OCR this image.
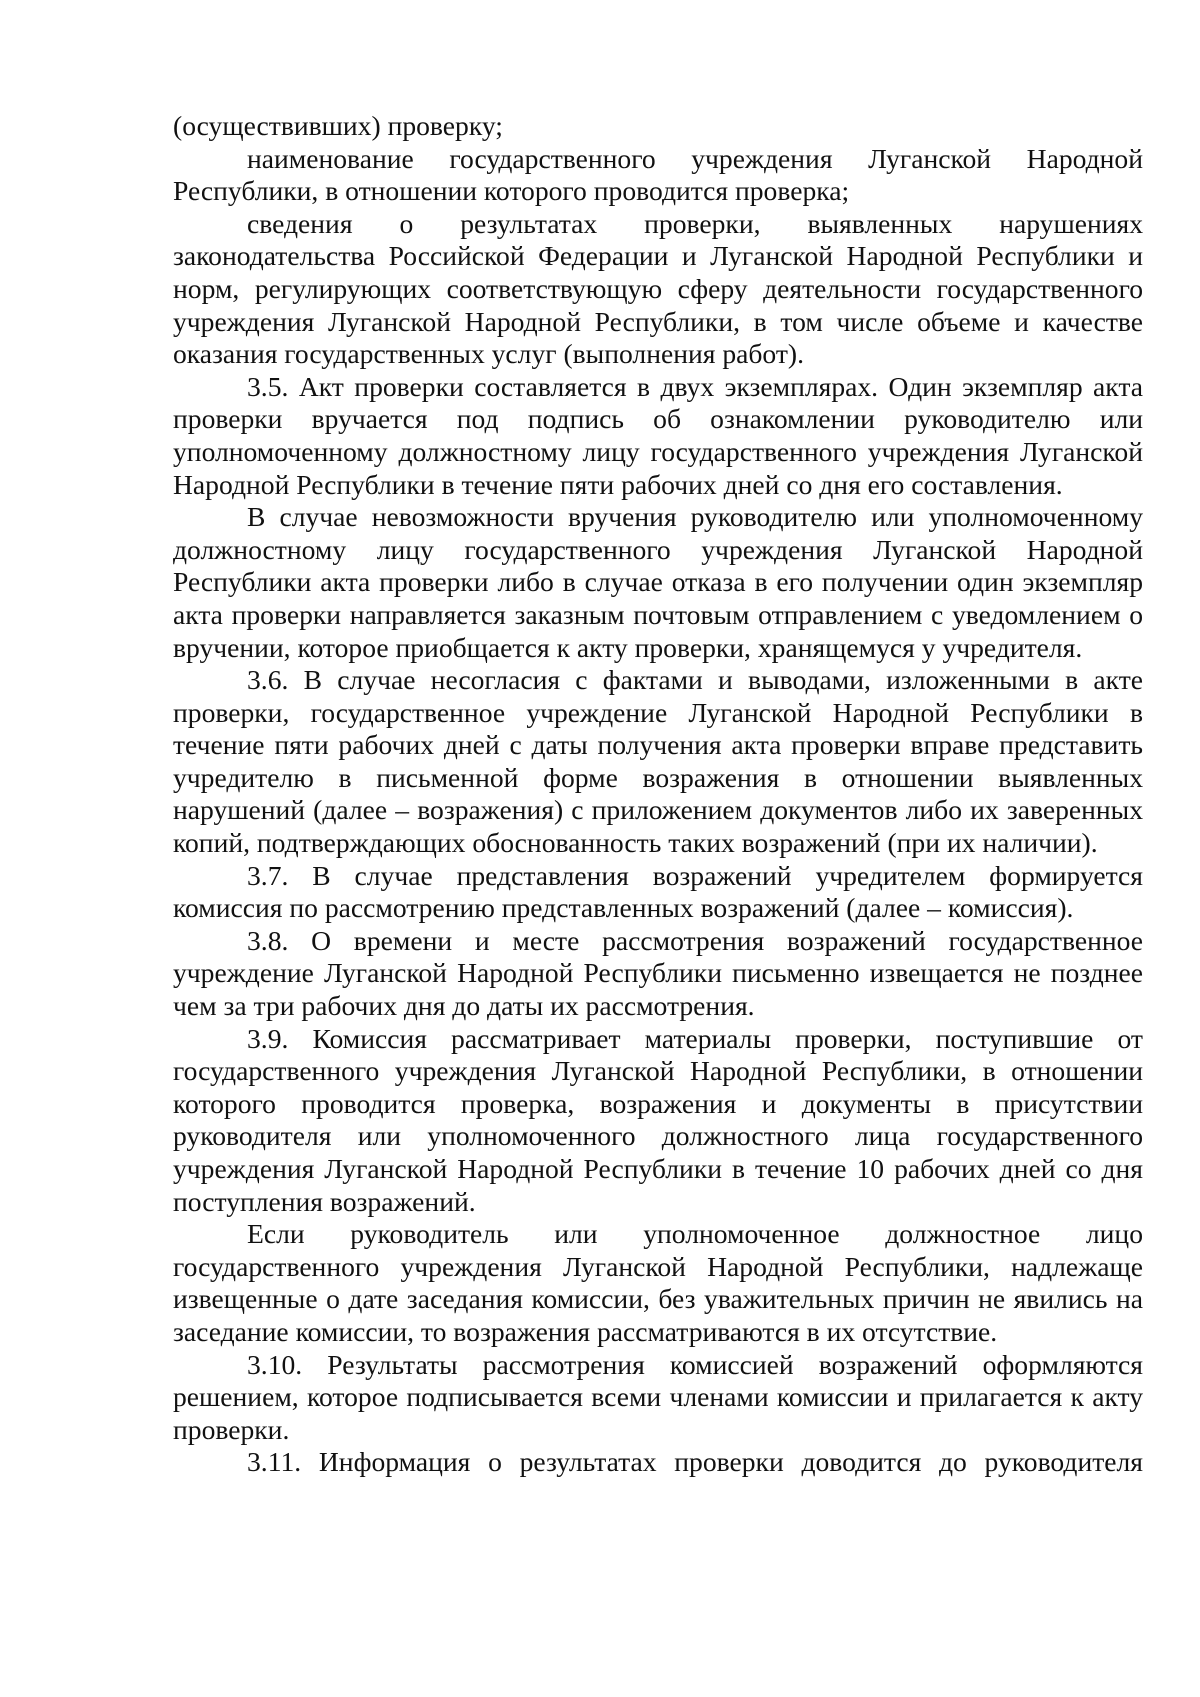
(осуществивших) проверку;

наименование государственного учреждения Луганской Народной Республики, в отношении которого проводится проверка;

сведения о результатах проверки, выявленных нарушениях законодательства Российской Федерации и Луганской Народной Республики и норм, регулирующих соответствующую сферу деятельности государственного учреждения Луганской Народной Республики, в том числе объеме и качестве оказания государственных услуг (выполнения работ).

3.5. Акт проверки составляется в двух экземплярах. Один экземпляр акта проверки вручается под подпись об ознакомлении руководителю или уполномоченному должностному лицу государственного учреждения Луганской Народной Республики в течение пяти рабочих дней со дня его составления.

В случае невозможности вручения руководителю или уполномоченному должностному лицу государственного учреждения Луганской Народной Республики акта проверки либо в случае отказа в его получении один экземпляр акта проверки направляется заказным почтовым отправлением с уведомлением о вручении, которое приобщается к акту проверки, хранящемуся у учредителя.

3.6. В случае несогласия с фактами и выводами, изложенными в акте проверки, государственное учреждение Луганской Народной Республики в течение пяти рабочих дней с даты получения акта проверки вправе представить учредителю в письменной форме возражения в отношении выявленных нарушений (далее – возражения) с приложением документов либо их заверенных копий, подтверждающих обоснованность таких возражений (при их наличии).

3.7. В случае представления возражений учредителем формируется комиссия по рассмотрению представленных возражений (далее – комиссия).

3.8. О времени и месте рассмотрения возражений государственное учреждение Луганской Народной Республики письменно извещается не позднее чем за три рабочих дня до даты их рассмотрения.

3.9. Комиссия рассматривает материалы проверки, поступившие от государственного учреждения Луганской Народной Республики, в отношении которого проводится проверка, возражения и документы в присутствии руководителя или уполномоченного должностного лица государственного учреждения Луганской Народной Республики в течение 10 рабочих дней со дня поступления возражений.

Если руководитель или уполномоченное должностное лицо государственного учреждения Луганской Народной Республики, надлежаще извещенные о дате заседания комиссии, без уважительных причин не явились на заседание комиссии, то возражения рассматриваются в их отсутствие.

3.10. Результаты рассмотрения комиссией возражений оформляются решением, которое подписывается всеми членами комиссии и прилагается к акту проверки.

3.11. Информация о результатах проверки доводится до руководителя
